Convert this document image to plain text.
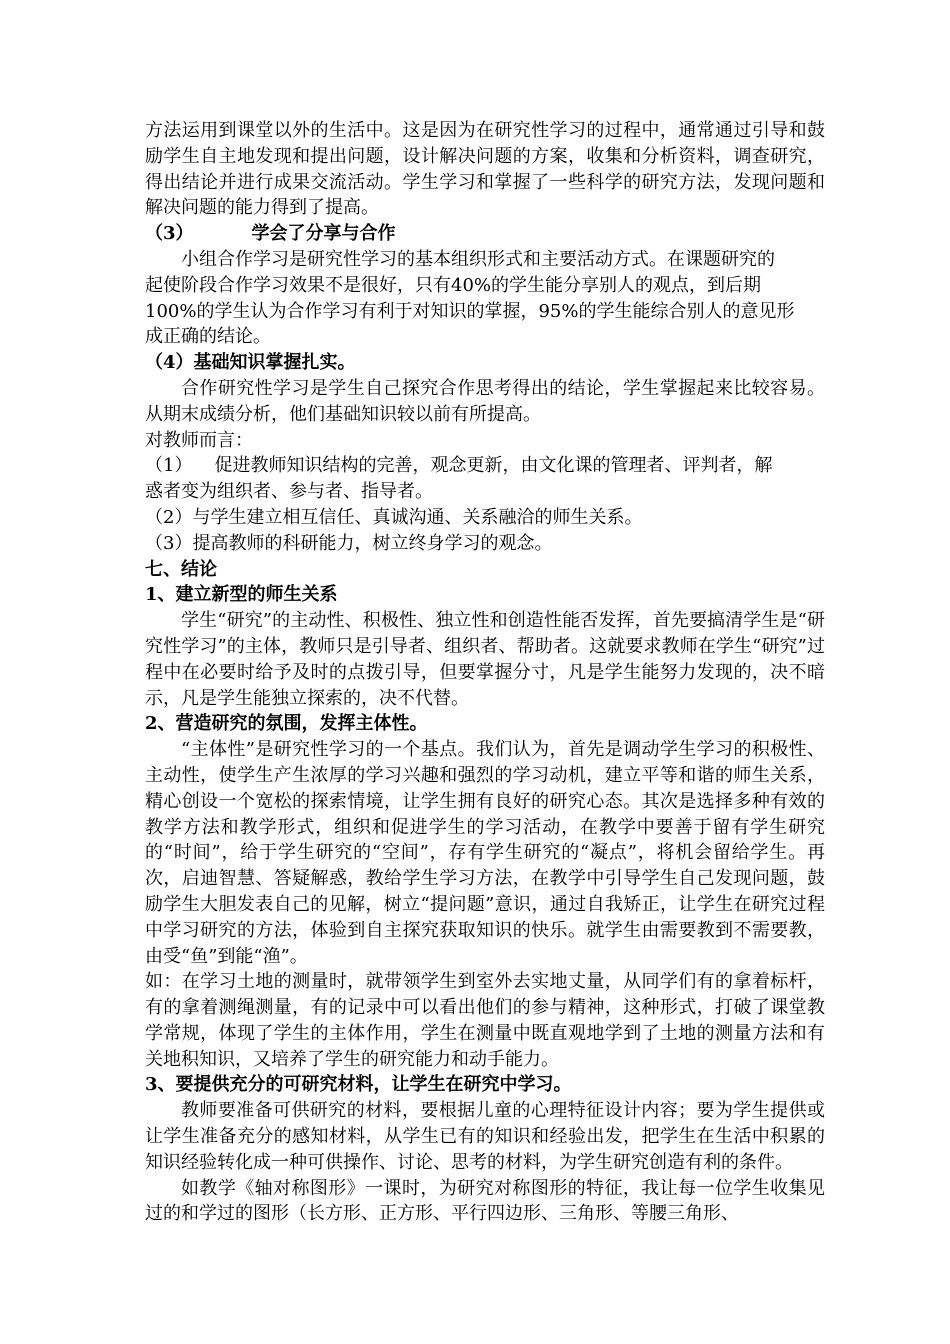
方法运用到课堂以外的生活中。这是因为在研究性学习的过程中，通常通过引导和鼓励学生自主地发现和提出问题，设计解决问题的方案，收集和分析资料，调查研究，得出结论并进行成果交流活动。学生学习和掌握了一些科学的研究方法，发现问题和解决问题的能力得到了提高。

（3）	学会了分享与合作

小组合作学习是研究性学习的基本组织形式和主要活动方式。在课题研究的

起使阶段合作学习效果不是很好，只有40%的学生能分享别人的观点，到后期

100%的学生认为合作学习有利于对知识的掌握，95%的学生能综合别人的意见形

成正确的结论。

（4）基础知识掌握扎实。

合作研究性学习是学生自己探究合作思考得出的结论，学生掌握起来比较容易。从期末成绩分析，他们基础知识较以前有所提高。

对教师而言：

（1） 促进教师知识结构的完善，观念更新，由文化课的管理者、评判者，解
惑者变为组织者、参与者、指导者。

（2）与学生建立相互信任、真诚沟通、关系融洽的师生关系。

（3）提高教师的科研能力，树立终身学习的观念。

七、结论

1、建立新型的师生关系

学生“研究”的主动性、积极性、独立性和创造性能否发挥，首先要搞清学生是“研究性学习”的主体，教师只是引导者、组织者、帮助者。这就要求教师在学生“研究”过程中在必要时给予及时的点拨引导，但要掌握分寸，凡是学生能努力发现的，决不暗示，凡是学生能独立探索的，决不代替。

2、营造研究的氛围，发挥主体性。

“主体性”是研究性学习的一个基点。我们认为，首先是调动学生学习的积极性、主动性，使学生产生浓厚的学习兴趣和强烈的学习动机，建立平等和谐的师生关系，精心创设一个宽松的探索情境，让学生拥有良好的研究心态。其次是选择多种有效的教学方法和教学形式，组织和促进学生的学习活动，在教学中要善于留有学生研究的“时间”，给于学生研究的“空间”，存有学生研究的“凝点”，将机会留给学生。再次，启迪智慧、答疑解惑，教给学生学习方法，在教学中引导学生自己发现问题，鼓励学生大胆发表自己的见解，树立“提问题”意识，通过自我矫正，让学生在研究过程中学习研究的方法，体验到自主探究获取知识的快乐。就学生由需要教到不需要教，由受“鱼”到能“渔”。

如：在学习土地的测量时，就带领学生到室外去实地丈量，从同学们有的拿着标杆，有的拿着测绳测量，有的记录中可以看出他们的参与精神，这种形式，打破了课堂教学常规，体现了学生的主体作用，学生在测量中既直观地学到了土地的测量方法和有关地积知识，又培养了学生的研究能力和动手能力。

3、要提供充分的可研究材料，让学生在研究中学习。

教师要准备可供研究的材料，要根据儿童的心理特征设计内容；要为学生提供或让学生准备充分的感知材料，从学生已有的知识和经验出发，把学生在生活中积累的知识经验转化成一种可供操作、讨论、思考的材料，为学生研究创造有利的条件。

如教学《轴对称图形》一课时，为研究对称图形的特征，我让每一位学生收集见过的和学过的图形（长方形、正方形、平行四边形、三角形、等腰三角形、
